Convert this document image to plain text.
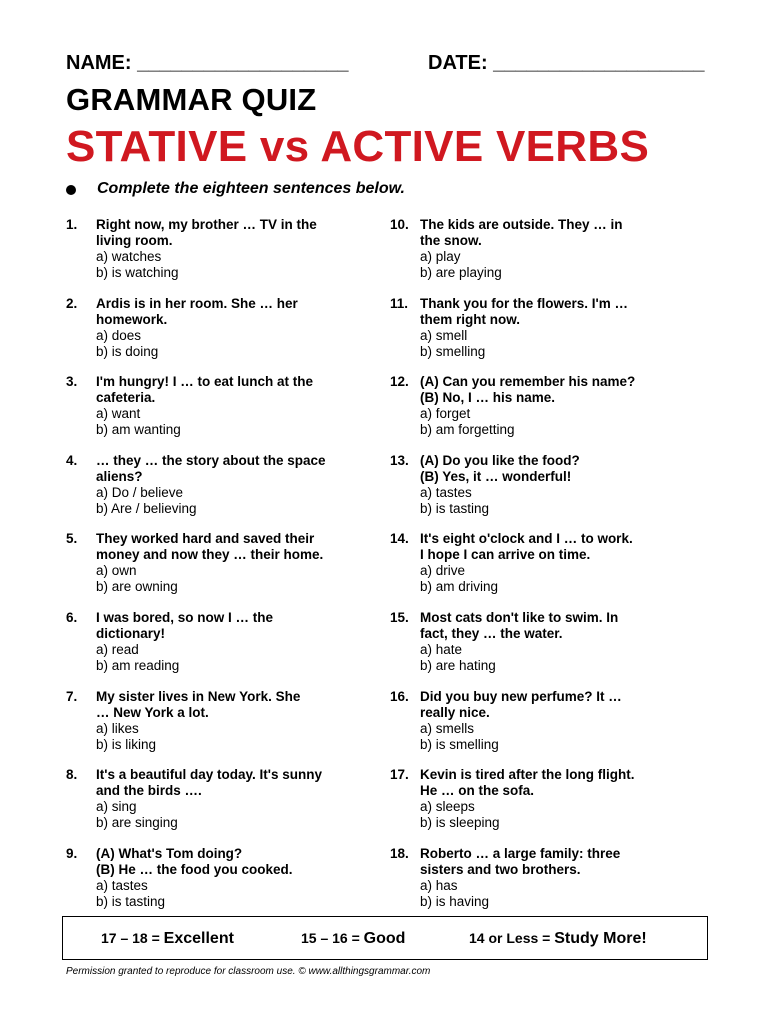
NAME: ___________________	DATE: ___________________
GRAMMAR QUIZ
STATIVE vs ACTIVE VERBS
Complete the eighteen sentences below.
1. Right now, my brother … TV in the
living room.
a) watches
b) is watching
2. Ardis is in her room. She … her
homework.
a) does
b) is doing
3. I'm hungry! I … to eat lunch at the
cafeteria.
a) want
b) am wanting
4. … they … the story about the space
aliens?
a) Do / believe
b) Are / believing
5. They worked hard and saved their
money and now they … their home.
a) own
b) are owning
6. I was bored, so now I … the
dictionary!
a) read
b) am reading
7. My sister lives in New York. She
… New York a lot.
a) likes
b) is liking
8. It's a beautiful day today. It's sunny
and the birds ….
a) sing
b) are singing
9. (A) What's Tom doing?
(B) He … the food you cooked.
a) tastes
b) is tasting
10. The kids are outside. They … in
the snow.
a) play
b) are playing
11. Thank you for the flowers. I'm …
them right now.
a) smell
b) smelling
12. (A) Can you remember his name?
(B) No, I … his name.
a) forget
b) am forgetting
13. (A) Do you like the food?
(B) Yes, it … wonderful!
a) tastes
b) is tasting
14. It's eight o'clock and I … to work.
I hope I can arrive on time.
a) drive
b) am driving
15. Most cats don't like to swim. In
fact, they … the water.
a) hate
b) are hating
16. Did you buy new perfume? It …
really nice.
a) smells
b) is smelling
17. Kevin is tired after the long flight.
He … on the sofa.
a) sleeps
b) is sleeping
18. Roberto … a large family: three
sisters and two brothers.
a) has
b) is having
17 – 18 = Excellent	15 – 16 = Good	14 or Less = Study More!
Permission granted to reproduce for classroom use. © www.allthingsgrammar.com
